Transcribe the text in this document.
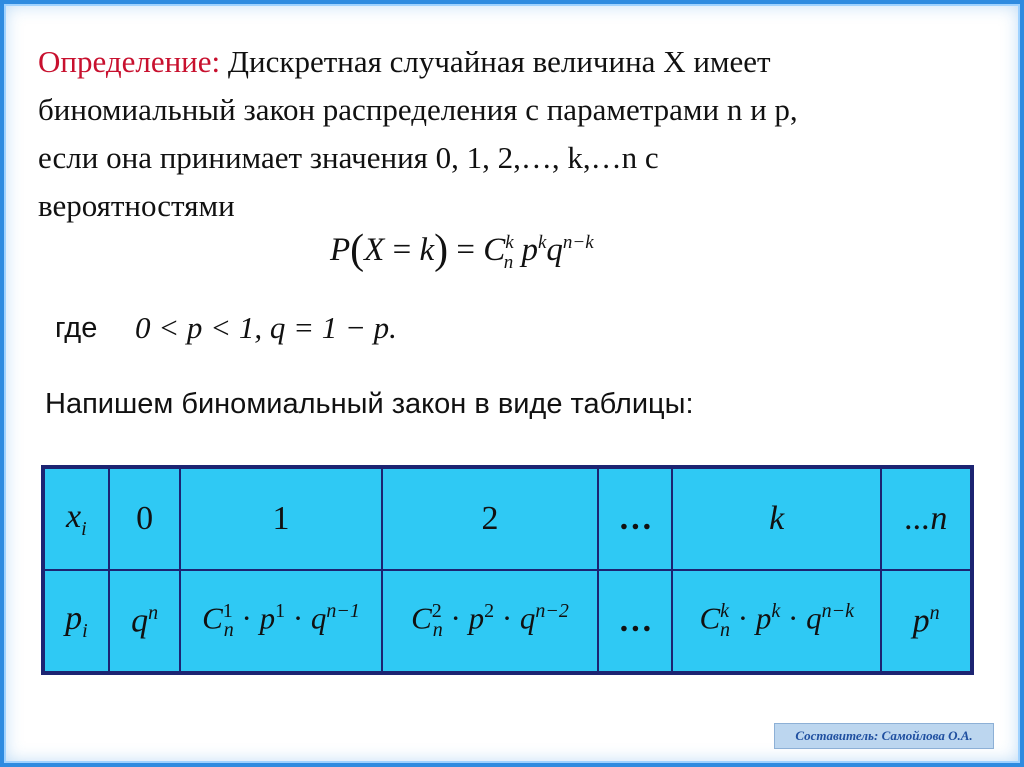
Определение: Дискретная случайная величина X имеет
биномиальный закон распределения с параметрами n и p,
если она принимает значения 0, 1, 2,…, k,…n с
вероятностями
$P(X = k) = C^k_n$ $p^kq^{n-k}$
где 0 < p < 1, q = 1 − p.
Напишем биномиальный закон в виде таблицы:
$x_i$	0	1	2	…	k	...n
$p_i$	$q^n$	$C^1_n \cdot p^1 \cdot q^{n-1}$	$C^2_n \cdot p^2 \cdot q^{n-2}$	…	$C^k_n \cdot p^k \cdot q^{n-k}$	$p^n$
Составитель: Самойлова О.А.
